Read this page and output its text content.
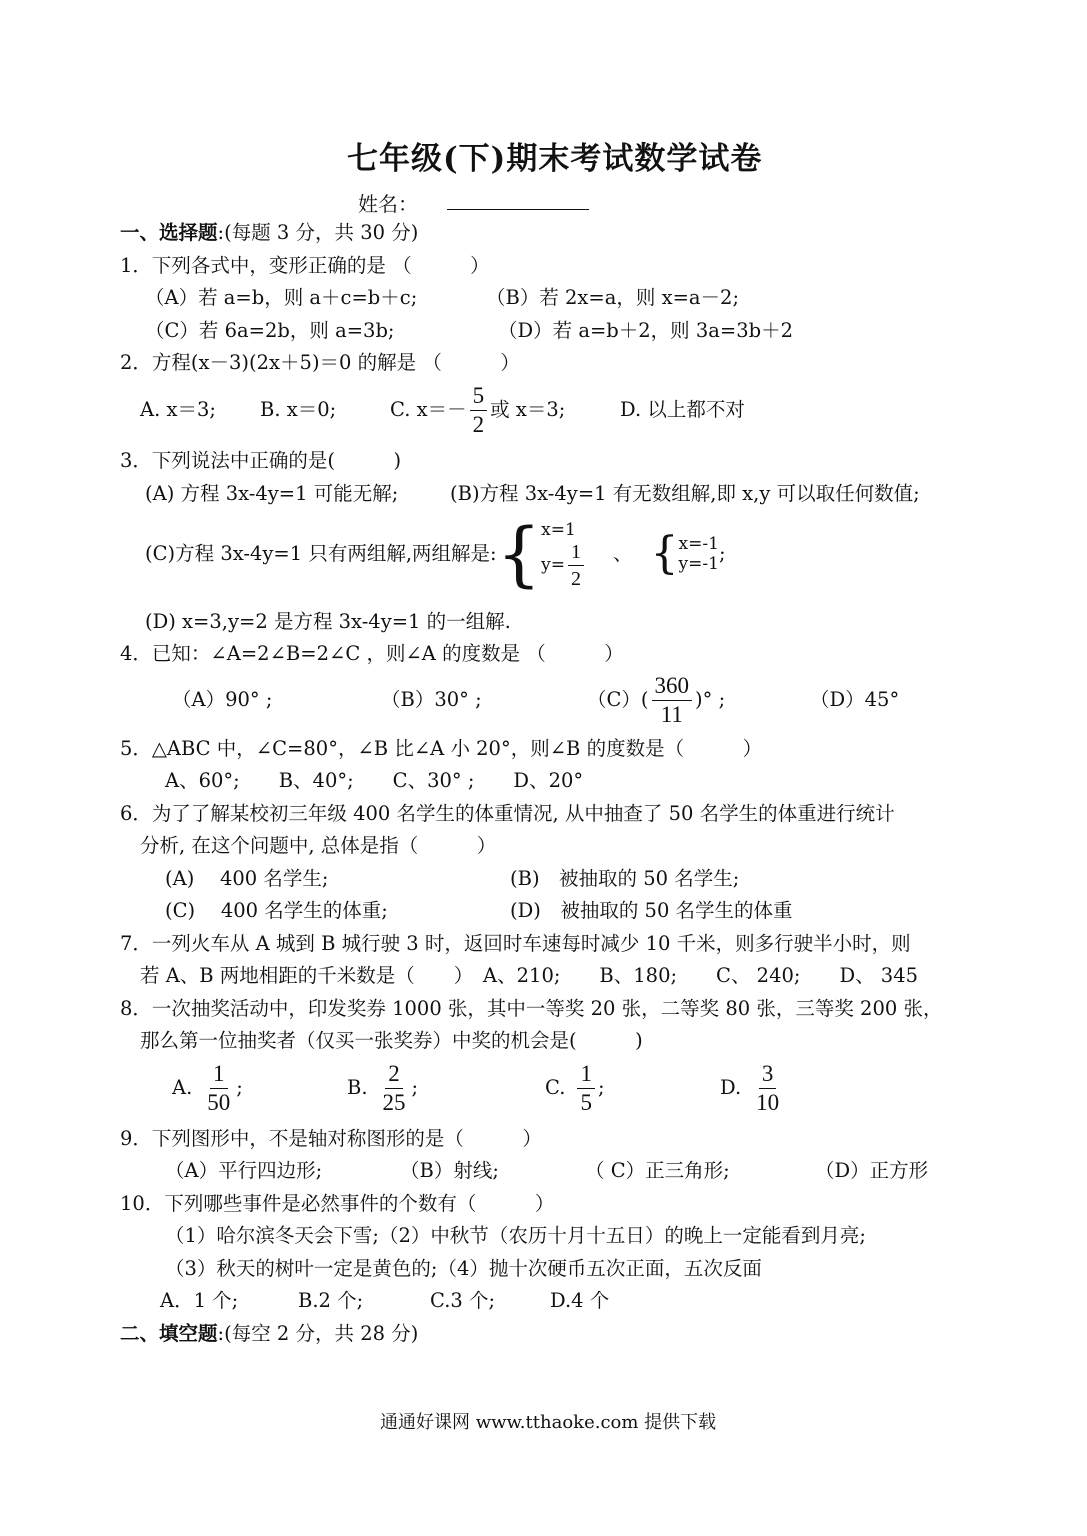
七年级(下)期末考试数学试卷
姓名：
一、选择题:(每题 3 分，共 30 分)
1．下列各式中，变形正确的是 （　　　）
（A）若 a=b，则 a＋c=b＋c;	（B）若 2x=a，则 x=a－2;
（C）若 6a=2b，则 a=3b;	（D）若 a=b＋2，则 3a=3b＋2
2．方程(x－3)(2x＋5)＝0 的解是 （　　　）
A. x＝3; B. x＝0;	C. $x=- \frac{5}{2}$ 或 x＝3;	D. 以上都不对
3．下列说法中正确的是(　　　)
(A) 方程 3x-4y=1 可能无解;	(B)方程 3x-4y=1 有无数组解,即 x,y 可以取任何数值;
(C)方程 3x-4y=1 只有两组解,两组解是: { x=1
$y= \frac{1}{2}$ 、 { x=-1
y=-1 ;
(D) x=3,y=2 是方程 3x-4y=1 的一组解.
4．已知：∠A=2∠B=2∠C ，则∠A 的度数是 （　　　）
（A）90° ;	（B）30° ;	$(C)( \frac{360}{11}$ )° ;	（D）45°
5．△ABC 中，∠C=80°，∠B 比∠A 小 20°，则∠B 的度数是（　　　）
A、60°;　　B、40°;　　C、30° ;　　D、20°
6．为了了解某校初三年级 400 名学生的体重情况, 从中抽查了 50 名学生的体重进行统计
分析, 在这个问题中, 总体是指（　　　）
(A)　 400 名学生;	(B)　被抽取的 50 名学生;
(C)　 400 名学生的体重;	(D)　被抽取的 50 名学生的体重
7．一列火车从 A 城到 B 城行驶 3 时，返回时车速每时减少 10 千米，则多行驶半小时，则
若 A、B 两地相距的千米数是（　　）　A、210;　　B、180;　　C、 240;　　D、 345
8．一次抽奖活动中，印发奖券 1000 张，其中一等奖 20 张，二等奖 80 张，三等奖 200 张，
那么第一位抽奖者（仅买一张奖券）中奖的机会是(　　　)
A. $\frac{1}{50}$ ;	B. $\frac{2}{25}$ ;	C. $\frac{1}{5}$ ;	D. $\frac{3}{10}$
9．下列图形中，不是轴对称图形的是（　　　）
（A）平行四边形;	（B）射线;	（ C）正三角形;	（D）正方形
10．下列哪些事件是必然事件的个数有（　　　）
（1）哈尔滨冬天会下雪;（2）中秋节（农历十月十五日）的晚上一定能看到月亮;
（3）秋天的树叶一定是黄色的;（4）抛十次硬币五次正面，五次反面
A．1 个;	B.2 个;	C.3 个;	D.4 个
二、填空题:(每空 2 分，共 28 分)
通通好课网 www.tthaoke.com 提供下载
